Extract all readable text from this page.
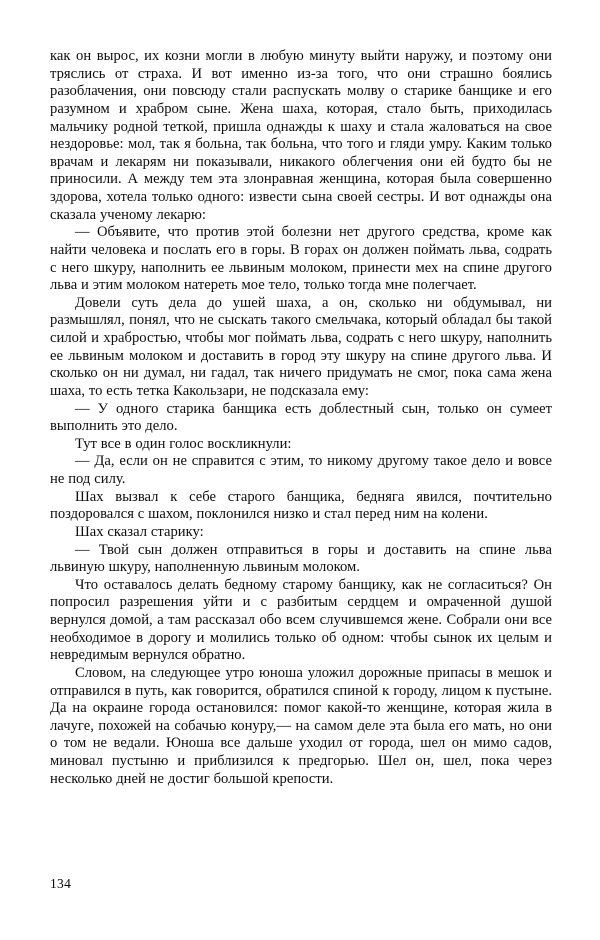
как он вырос, их козни могли в любую минуту выйти наружу, и поэтому они тряслись от страха. И вот именно из-за того, что они страшно боялись разоблачения, они повсюду стали распускать молву о старике банщике и его разумном и храбром сыне. Жена шаха, которая, стало быть, приходилась мальчику родной теткой, пришла однажды к шаху и стала жаловаться на свое нездоровье: мол, так я больна, так больна, что того и гляди умру. Каким только врачам и лекарям ни показывали, никакого облегчения они ей будто бы не приносили. А между тем эта злонравная женщина, которая была совершенно здорова, хотела только одного: извести сына своей сестры. И вот однажды она сказала ученому лекарю:

— Объявите, что против этой болезни нет другого средства, кроме как найти человека и послать его в горы. В горах он должен поймать льва, содрать с него шкуру, наполнить ее львиным молоком, принести мех на спине другого льва и этим молоком натереть мое тело, только тогда мне полегчает.

Довели суть дела до ушей шаха, а он, сколько ни обдумывал, ни размышлял, понял, что не сыскать такого смельчака, который обладал бы такой силой и храбростью, чтобы мог поймать льва, содрать с него шкуру, наполнить ее львиным молоком и доставить в город эту шкуру на спине другого льва. И сколько он ни думал, ни гадал, так ничего придумать не смог, пока сама жена шаха, то есть тетка Какользари, не подсказала ему:

— У одного старика банщика есть доблестный сын, только он сумеет выполнить это дело.

Тут все в один голос воскликнули:

— Да, если он не справится с этим, то никому другому такое дело и вовсе не под силу.

Шах вызвал к себе старого банщика, бедняга явился, почтительно поздоровался с шахом, поклонился низко и стал перед ним на колени.

Шах сказал старику:

— Твой сын должен отправиться в горы и доставить на спине льва львиную шкуру, наполненную львиным молоком.

Что оставалось делать бедному старому банщику, как не согласиться? Он попросил разрешения уйти и с разбитым сердцем и омраченной душой вернулся домой, а там рассказал обо всем случившемся жене. Собрали они все необходимое в дорогу и молились только об одном: чтобы сынок их целым и невредимым вернулся обратно.

Словом, на следующее утро юноша уложил дорожные припасы в мешок и отправился в путь, как говорится, обратился спиной к городу, лицом к пустыне. Да на окраине города остановился: помог какой-то женщине, которая жила в лачуге, похожей на собачью конуру,— на самом деле эта была его мать, но они о том не ведали. Юноша все дальше уходил от города, шел он мимо садов, миновал пустыню и приблизился к предгорью. Шел он, шел, пока через несколько дней не достиг большой крепости.

134
